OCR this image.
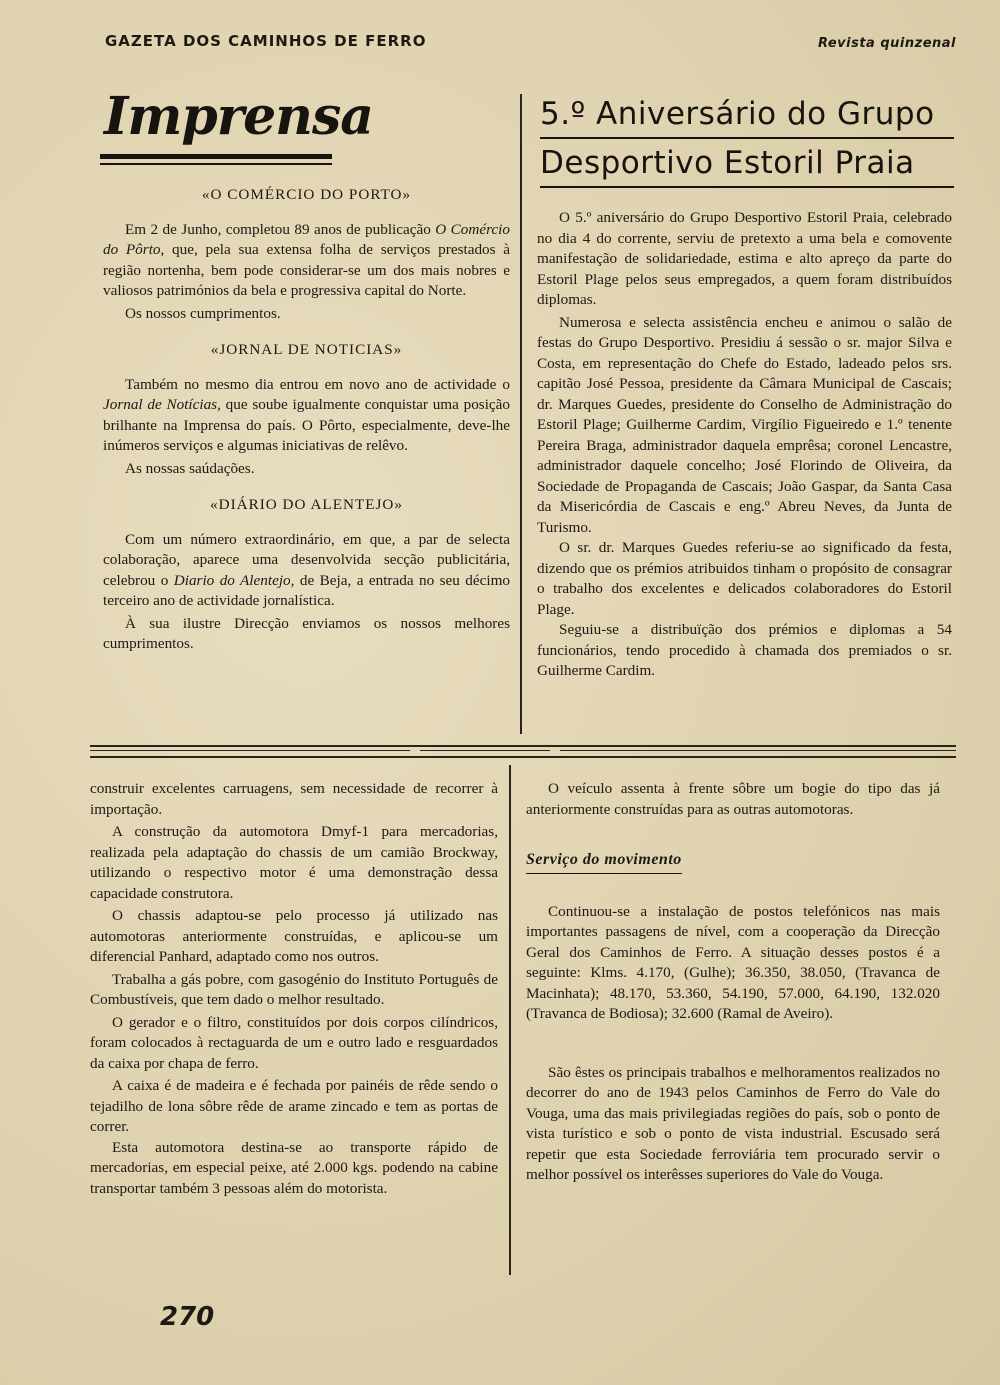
GAZETA DOS CAMINHOS DE FERRO	Revista quinzenal
Imprensa

«O COMÉRCIO DO PORTO»

Em 2 de Junho, completou 89 anos de publicação O Comércio do Pôrto, que, pela sua extensa folha de serviços prestados à região nortenha, bem pode considerar-se um dos mais nobres e valiosos patrimónios da bela e progressiva capital do Norte.

Os nossos cumprimentos.

«JORNAL DE NOTICIAS»

Também no mesmo dia entrou em novo ano de actividade o Jornal de Notícias, que soube igualmente conquistar uma posição brilhante na Imprensa do país. O Pôrto, especialmente, deve-lhe inúmeros serviços e algumas iniciativas de relêvo.

As nossas saúdações.

«DIÁRIO DO ALENTEJO»

Com um número extraordinário, em que, a par de selecta colaboração, aparece uma desenvolvida secção publicitária, celebrou o Diario do Alentejo, de Beja, a entrada no seu décimo terceiro ano de actividade jornalística.

À sua ilustre Direcção enviamos os nossos melhores cumprimentos.

5.º Aniversário do Grupo
Desportivo Estoril Praia

O 5.º aniversário do Grupo Desportivo Estoril Praia, celebrado no dia 4 do corrente, serviu de pretexto a uma bela e comovente manifestação de solidariedade, estima e alto apreço da parte do Estoril Plage pelos seus empregados, a quem foram distribuídos diplomas.

Numerosa e selecta assistência encheu e animou o salão de festas do Grupo Desportivo. Presidiu á sessão o sr. major Silva e Costa, em representação do Chefe do Estado, ladeado pelos srs. capitão José Pessoa, presidente da Câmara Municipal de Cascais; dr. Marques Guedes, presidente do Conselho de Administração do Estoril Plage; Guilherme Cardim, Virgílio Figueiredo e 1.º tenente Pereira Braga, administrador daquela emprêsa; coronel Lencastre, administrador daquele concelho; José Florindo de Oliveira, da Sociedade de Propaganda de Cascais; João Gaspar, da Santa Casa da Misericórdia de Cascais e eng.º Abreu Neves, da Junta de Turismo.

O sr. dr. Marques Guedes referiu-se ao significado da festa, dizendo que os prémios atribuidos tinham o propósito de consagrar o trabalho dos excelentes e delicados colaboradores do Estoril Plage.

Seguiu-se a distribuïção dos prémios e diplomas a 54 funcionários, tendo procedido à chamada dos premiados o sr. Guilherme Cardim.

construir excelentes carruagens, sem necessidade de recorrer à importação.

A construção da automotora Dmyf-1 para mercadorias, realizada pela adaptação do chassis de um camião Brockway, utilizando o respectivo motor é uma demonstração dessa capacidade construtora.

O chassis adaptou-se pelo processo já utilizado nas automotoras anteriormente construídas, e aplicou-se um diferencial Panhard, adaptado como nos outros.

Trabalha a gás pobre, com gasogénio do Instituto Português de Combustíveis, que tem dado o melhor resultado.

O gerador e o filtro, constituídos por dois corpos cilíndricos, foram colocados à rectaguarda de um e outro lado e resguardados da caixa por chapa de ferro.

A caixa é de madeira e é fechada por painéis de rêde sendo o tejadilho de lona sôbre rêde de arame zincado e tem as portas de correr.

Esta automotora destina-se ao transporte rápido de mercadorias, em especial peixe, até 2.000 kgs. podendo na cabine transportar também 3 pessoas além do motorista.

O veículo assenta à frente sôbre um bogie do tipo das já anteriormente construídas para as outras automotoras.

Serviço do movimento

Continuou-se a instalação de postos telefónicos nas mais importantes passagens de nível, com a cooperação da Direcção Geral dos Caminhos de Ferro. A situação desses postos é a seguinte: Klms. 4.170, (Gulhe); 36.350, 38.050, (Travanca de Macinhata); 48.170, 53.360, 54.190, 57.000, 64.190, 132.020 (Travanca de Bodiosa); 32.600 (Ramal de Aveiro).

São êstes os principais trabalhos e melhoramentos realizados no decorrer do ano de 1943 pelos Caminhos de Ferro do Vale do Vouga, uma das mais privilegiadas regiões do país, sob o ponto de vista turístico e sob o ponto de vista industrial. Escusado será repetir que esta Sociedade ferroviária tem procurado servir o melhor possível os interêsses superiores do Vale do Vouga.

270
